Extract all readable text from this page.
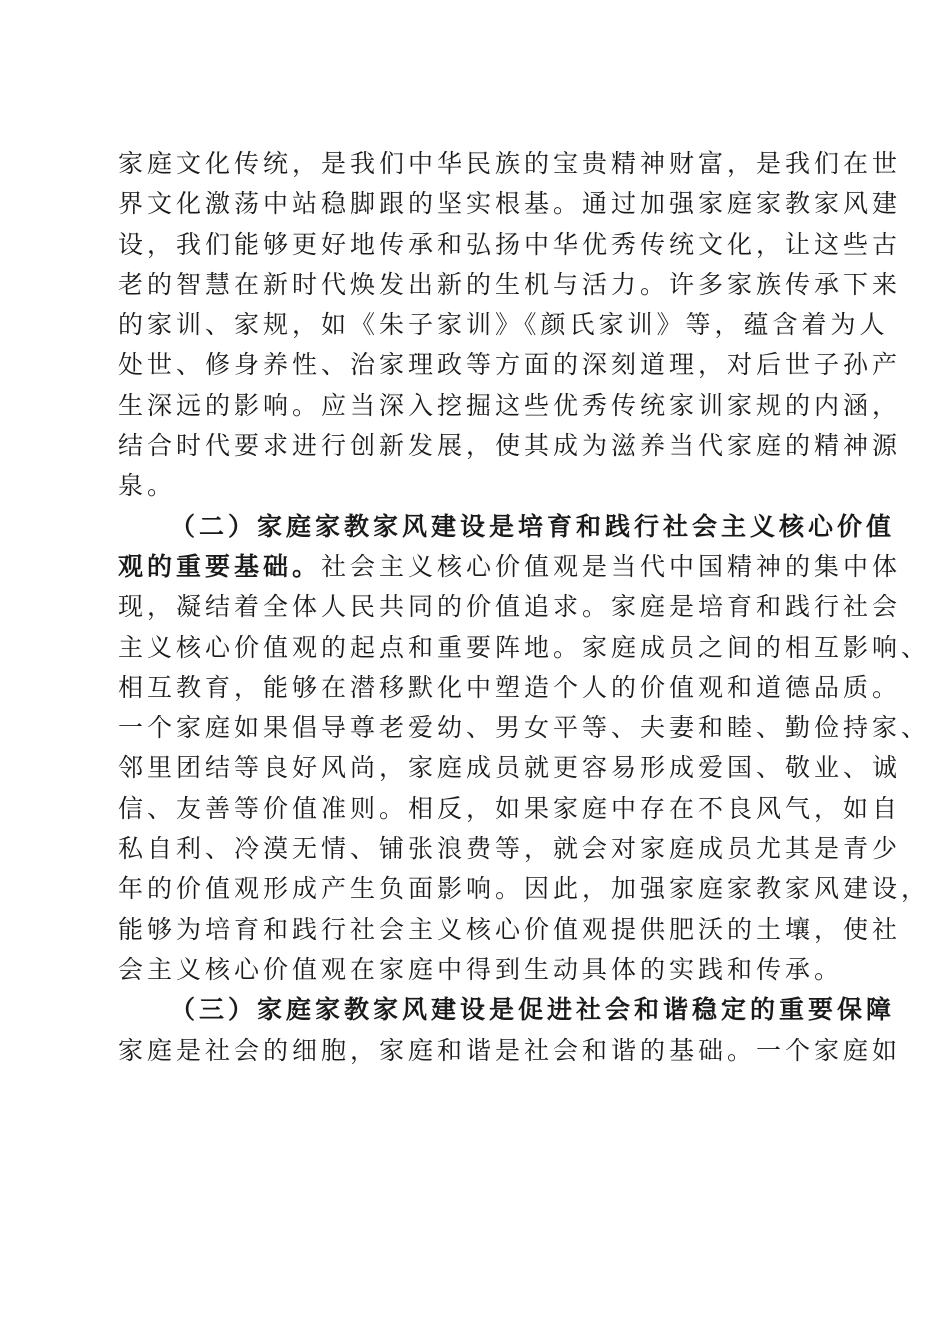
家庭文化传统，是我们中华民族的宝贵精神财富，是我们在世
界文化激荡中站稳脚跟的坚实根基。通过加强家庭家教家风建
设，我们能够更好地传承和弘扬中华优秀传统文化，让这些古
老的智慧在新时代焕发出新的生机与活力。许多家族传承下来
的家训、家规，如《朱子家训》《颜氏家训》等，蕴含着为人
处世、修身养性、治家理政等方面的深刻道理，对后世子孙产
生深远的影响。应当深入挖掘这些优秀传统家训家规的内涵，
结合时代要求进行创新发展，使其成为滋养当代家庭的精神源
泉。
（二）家庭家教家风建设是培育和践行社会主义核心价值
观的重要基础。社会主义核心价值观是当代中国精神的集中体
现，凝结着全体人民共同的价值追求。家庭是培育和践行社会
主义核心价值观的起点和重要阵地。家庭成员之间的相互影响、
相互教育，能够在潜移默化中塑造个人的价值观和道德品质。
一个家庭如果倡导尊老爱幼、男女平等、夫妻和睦、勤俭持家、
邻里团结等良好风尚，家庭成员就更容易形成爱国、敬业、诚
信、友善等价值准则。相反，如果家庭中存在不良风气，如自
私自利、冷漠无情、铺张浪费等，就会对家庭成员尤其是青少
年的价值观形成产生负面影响。因此，加强家庭家教家风建设，
能够为培育和践行社会主义核心价值观提供肥沃的土壤，使社
会主义核心价值观在家庭中得到生动具体的实践和传承。
（三）家庭家教家风建设是促进社会和谐稳定的重要保障
家庭是社会的细胞，家庭和谐是社会和谐的基础。一个家庭如
